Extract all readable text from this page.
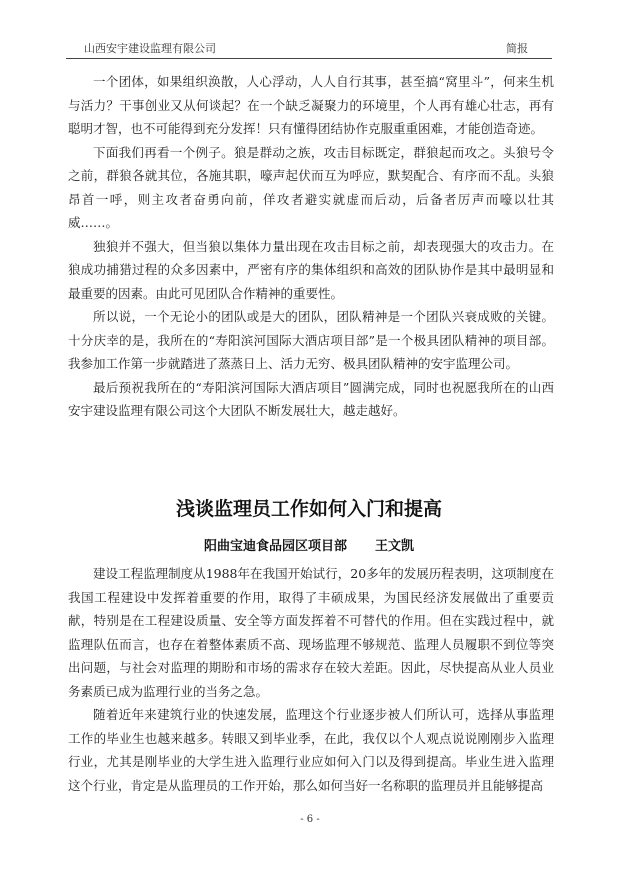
山西安宇建设监理有限公司	简报

一个团体，如果组织涣散，人心浮动，人人自行其事，甚至搞“窝里斗”，何来生机与活力？干事创业又从何谈起？在一个缺乏凝聚力的环境里，个人再有雄心壮志，再有聪明才智，也不可能得到充分发挥！只有懂得团结协作克服重重困难，才能创造奇迹。

下面我们再看一个例子。狼是群动之族，攻击目标既定，群狼起而攻之。头狼号令之前，群狼各就其位，各施其职，嚎声起伏而互为呼应，默契配合、有序而不乱。头狼昂首一呼，则主攻者奋勇向前，佯攻者避实就虚而后动，后备者厉声而嚎以壮其威……。

独狼并不强大，但当狼以集体力量出现在攻击目标之前，却表现强大的攻击力。在狼成功捕猎过程的众多因素中，严密有序的集体组织和高效的团队协作是其中最明显和最重要的因素。由此可见团队合作精神的重要性。

所以说，一个无论小的团队或是大的团队，团队精神是一个团队兴衰成败的关键。十分庆幸的是，我所在的“寿阳滨河国际大酒店项目部”是一个极具团队精神的项目部。我参加工作第一步就踏进了蒸蒸日上、活力无穷、极具团队精神的安宇监理公司。

最后预祝我所在的“寿阳滨河国际大酒店项目”圆满完成，同时也祝愿我所在的山西安宇建设监理有限公司这个大团队不断发展壮大，越走越好。

浅谈监理员工作如何入门和提高
阳曲宝迪食品园区项目部 王文凯

建设工程监理制度从1988年在我国开始试行，20多年的发展历程表明，这项制度在我国工程建设中发挥着重要的作用，取得了丰硕成果，为国民经济发展做出了重要贡献，特别是在工程建设质量、安全等方面发挥着不可替代的作用。但在实践过程中，就监理队伍而言，也存在着整体素质不高、现场监理不够规范、监理人员履职不到位等突出问题，与社会对监理的期盼和市场的需求存在较大差距。因此，尽快提高从业人员业务素质已成为监理行业的当务之急。

随着近年来建筑行业的快速发展，监理这个行业逐步被人们所认可，选择从事监理工作的毕业生也越来越多。转眼又到毕业季，在此，我仅以个人观点说说刚刚步入监理行业，尤其是刚毕业的大学生进入监理行业应如何入门以及得到提高。毕业生进入监理这个行业，肯定是从监理员的工作开始，那么如何当好一名称职的监理员并且能够提高

- 6 -
